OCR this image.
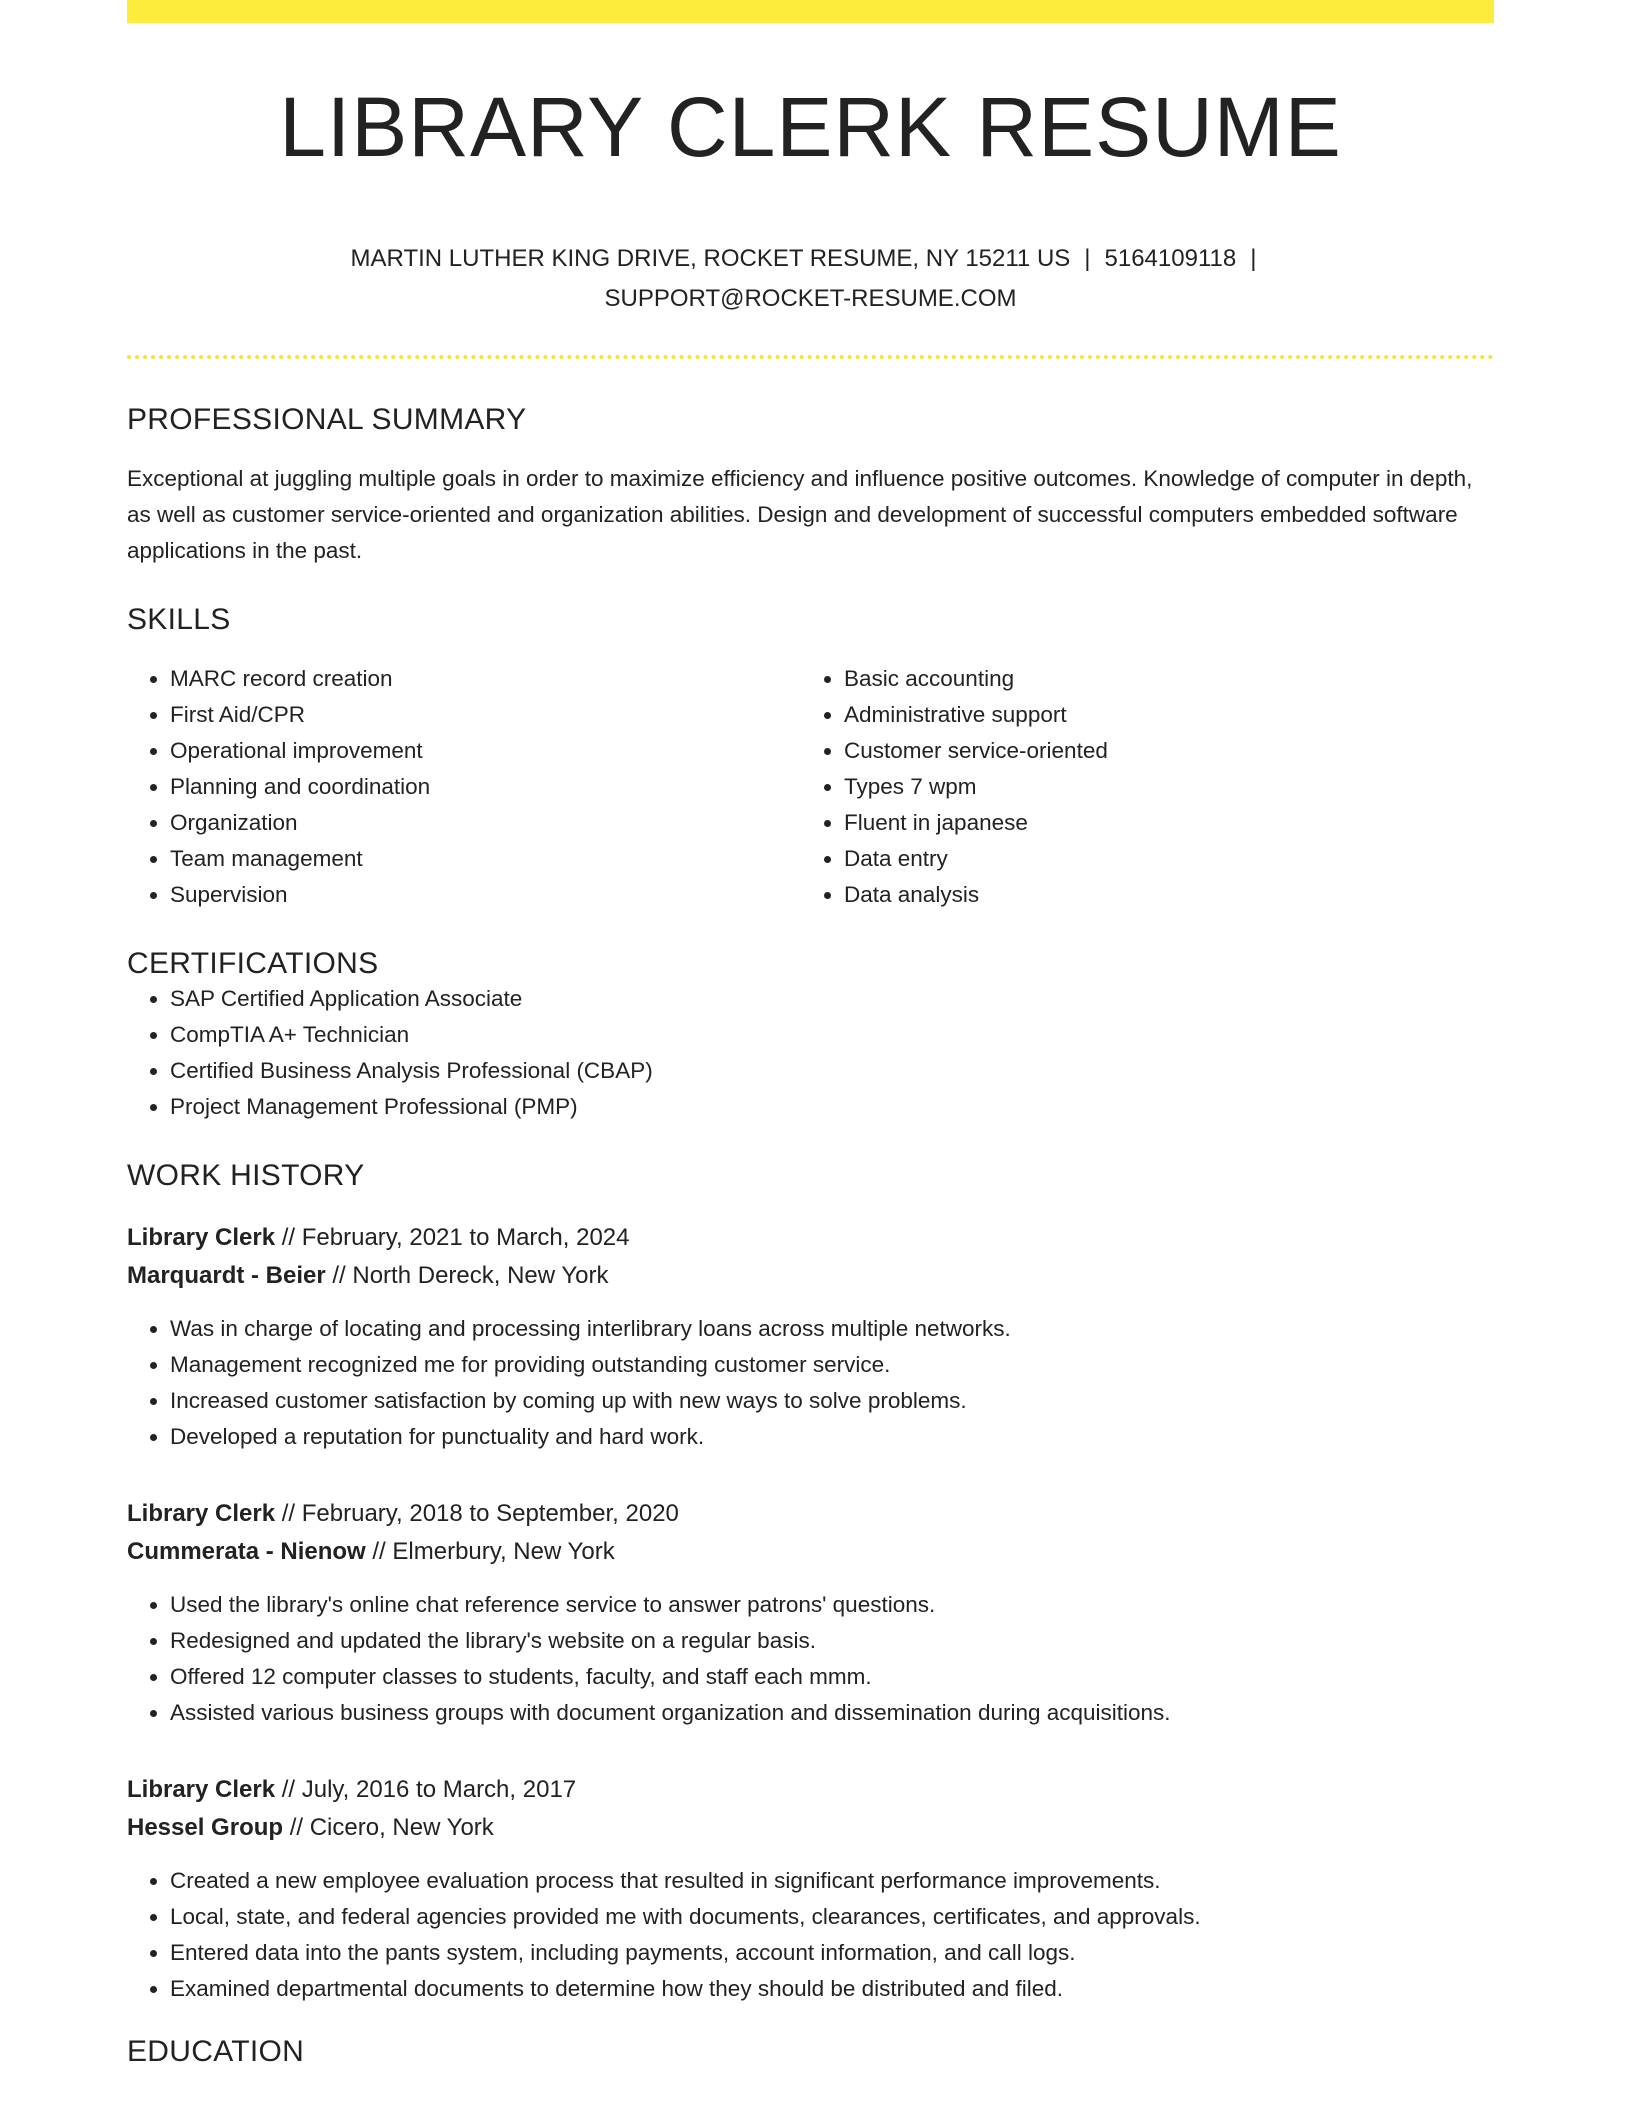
LIBRARY CLERK RESUME
MARTIN LUTHER KING DRIVE, ROCKET RESUME, NY 15211 US | 5164109118 |
SUPPORT@ROCKET-RESUME.COM
PROFESSIONAL SUMMARY
Exceptional at juggling multiple goals in order to maximize efficiency and influence positive outcomes. Knowledge of computer in depth, as well as customer service-oriented and organization abilities. Design and development of successful computers embedded software applications in the past.
SKILLS
• MARC record creation
• First Aid/CPR
• Operational improvement
• Planning and coordination
• Organization
• Team management
• Supervision
• Basic accounting
• Administrative support
• Customer service-oriented
• Types 7 wpm
• Fluent in japanese
• Data entry
• Data analysis
CERTIFICATIONS
• SAP Certified Application Associate
• CompTIA A+ Technician
• Certified Business Analysis Professional (CBAP)
• Project Management Professional (PMP)
WORK HISTORY
Library Clerk // February, 2021 to March, 2024
Marquardt - Beier // North Dereck, New York
• Was in charge of locating and processing interlibrary loans across multiple networks.
• Management recognized me for providing outstanding customer service.
• Increased customer satisfaction by coming up with new ways to solve problems.
• Developed a reputation for punctuality and hard work.
Library Clerk // February, 2018 to September, 2020
Cummerata - Nienow // Elmerbury, New York
• Used the library's online chat reference service to answer patrons' questions.
• Redesigned and updated the library's website on a regular basis.
• Offered 12 computer classes to students, faculty, and staff each mmm.
• Assisted various business groups with document organization and dissemination during acquisitions.
Library Clerk // July, 2016 to March, 2017
Hessel Group // Cicero, New York
• Created a new employee evaluation process that resulted in significant performance improvements.
• Local, state, and federal agencies provided me with documents, clearances, certificates, and approvals.
• Entered data into the pants system, including payments, account information, and call logs.
• Examined departmental documents to determine how they should be distributed and filed.
EDUCATION
